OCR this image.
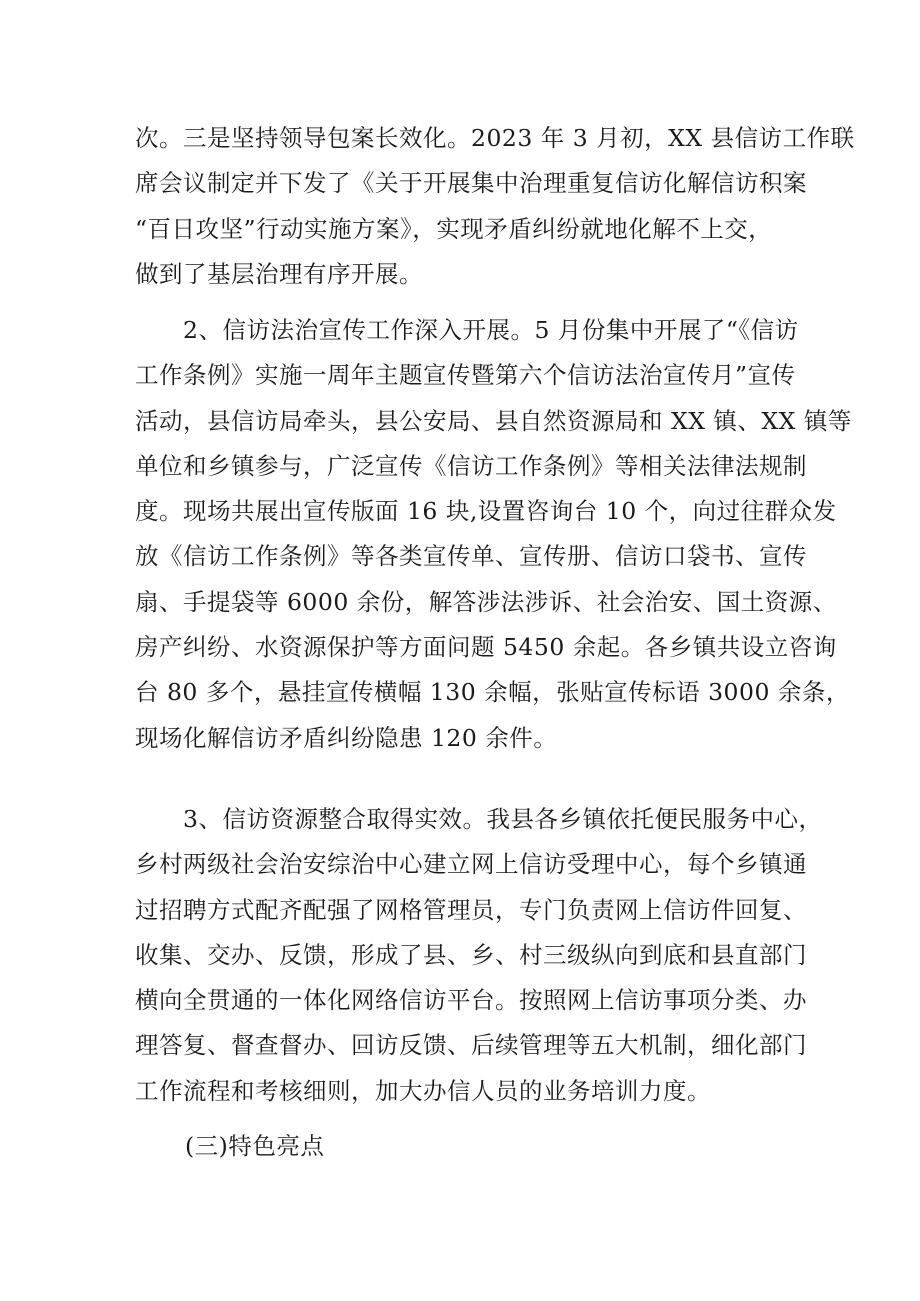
次。三是坚持领导包案长效化。2023 年 3 月初，XX 县信访工作联
席会议制定并下发了《关于开展集中治理重复信访化解信访积案
“百日攻坚”行动实施方案》，实现矛盾纠纷就地化解不上交，
做到了基层治理有序开展。
2、信访法治宣传工作深入开展。5 月份集中开展了“《信访
工作条例》实施一周年主题宣传暨第六个信访法治宣传月”宣传
活动，县信访局牵头，县公安局、县自然资源局和 XX 镇、XX 镇等
单位和乡镇参与，广泛宣传《信访工作条例》等相关法律法规制
度。现场共展出宣传版面 16 块,设置咨询台 10 个，向过往群众发
放《信访工作条例》等各类宣传单、宣传册、信访口袋书、宣传
扇、手提袋等 6000 余份，解答涉法涉诉、社会治安、国土资源、
房产纠纷、水资源保护等方面问题 5450 余起。各乡镇共设立咨询
台 80 多个，悬挂宣传横幅 130 余幅，张贴宣传标语 3000 余条，
现场化解信访矛盾纠纷隐患 120 余件。
3、信访资源整合取得实效。我县各乡镇依托便民服务中心，
乡村两级社会治安综治中心建立网上信访受理中心，每个乡镇通
过招聘方式配齐配强了网格管理员，专门负责网上信访件回复、
收集、交办、反馈，形成了县、乡、村三级纵向到底和县直部门
横向全贯通的一体化网络信访平台。按照网上信访事项分类、办
理答复、督查督办、回访反馈、后续管理等五大机制，细化部门
工作流程和考核细则，加大办信人员的业务培训力度。
(三)特色亮点
